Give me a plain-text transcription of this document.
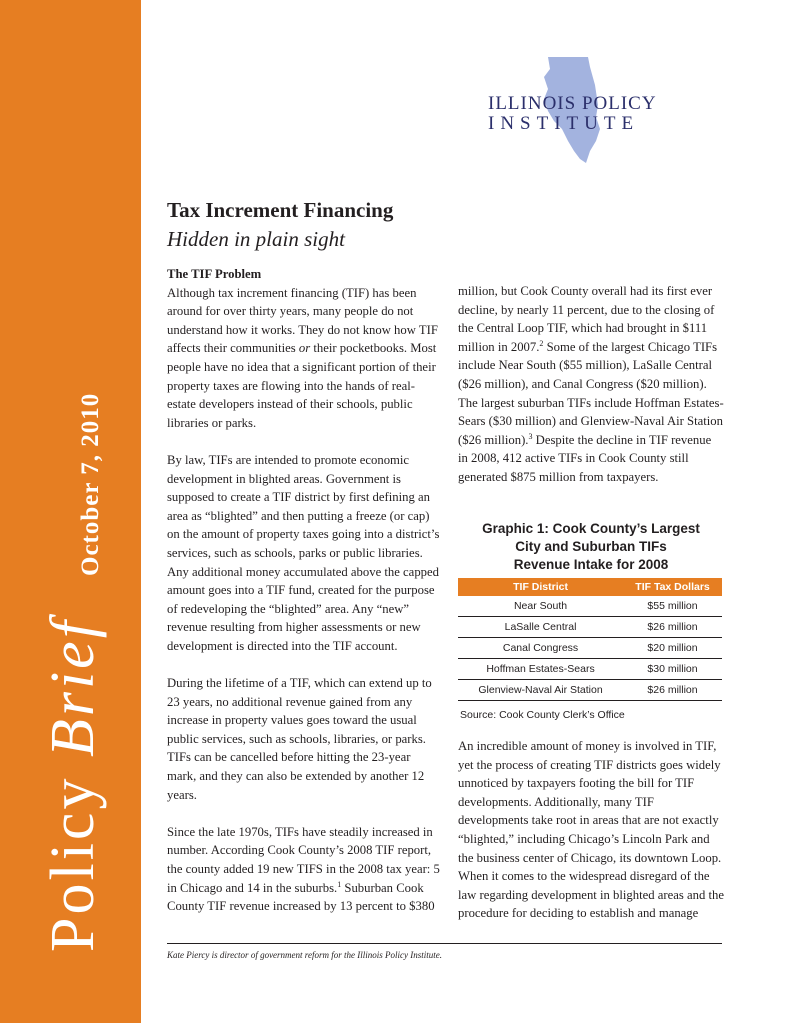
Policy Brief
October 7, 2010
ILLINOIS POLICY
INSTITUTE
Tax Increment Financing
Hidden in plain sight
The TIF Problem

Although tax increment financing (TIF) has been around for over thirty years, many people do not understand how it works. They do not know how TIF affects their communities or their pocketbooks. Most people have no idea that a significant portion of their property taxes are flowing into the hands of real-estate developers instead of their schools, public libraries or parks.

By law, TIFs are intended to promote economic development in blighted areas. Government is supposed to create a TIF district by first defining an area as “blighted” and then putting a freeze (or cap) on the amount of property taxes going into a district’s services, such as schools, parks or public libraries. Any additional money accumulated above the capped amount goes into a TIF fund, created for the purpose of redeveloping the “blighted” area. Any “new” revenue resulting from higher assessments or new development is directed into the TIF account.

During the lifetime of a TIF, which can extend up to 23 years, no additional revenue gained from any increase in property values goes toward the usual public services, such as schools, libraries, or parks. TIFs can be cancelled before hitting the 23-year mark, and they can also be extended by another 12 years.

Since the late 1970s, TIFs have steadily increased in number. According Cook County’s 2008 TIF report, the county added 19 new TIFS in the 2008 tax year: 5 in Chicago and 14 in the suburbs.$^1$ Suburban Cook County TIF revenue increased by 13 percent to $380

million, but Cook County overall had its first ever decline, by nearly 11 percent, due to the closing of the Central Loop TIF, which had brought in $111 million in 2007.$^2$ Some of the largest Chicago TIFs include Near South ($55 million), LaSalle Central ($26 million), and Canal Congress ($20 million). The largest suburban TIFs include Hoffman Estates-Sears ($30 million) and Glenview-Naval Air Station ($26 million).$^3$ Despite the decline in TIF revenue in 2008, 412 active TIFs in Cook County still generated $875 million from taxpayers.

Graphic 1: Cook County’s Largest
City and Suburban TIFs
Revenue Intake for 2008
TIF District	TIF Tax Dollars
Near South	$55 million
LaSalle Central	$26 million
Canal Congress	$20 million
Hoffman Estates-Sears	$30 million
Glenview-Naval Air Station	$26 million
Source: Cook County Clerk’s Office

An incredible amount of money is involved in TIF, yet the process of creating TIF districts goes widely unnoticed by taxpayers footing the bill for TIF developments. Additionally, many TIF developments take root in areas that are not exactly “blighted,” including Chicago’s Lincoln Park and the business center of Chicago, its downtown Loop. When it comes to the widespread disregard of the law regarding development in blighted areas and the procedure for deciding to establish and manage

Kate Piercy is director of government reform for the Illinois Policy Institute.
